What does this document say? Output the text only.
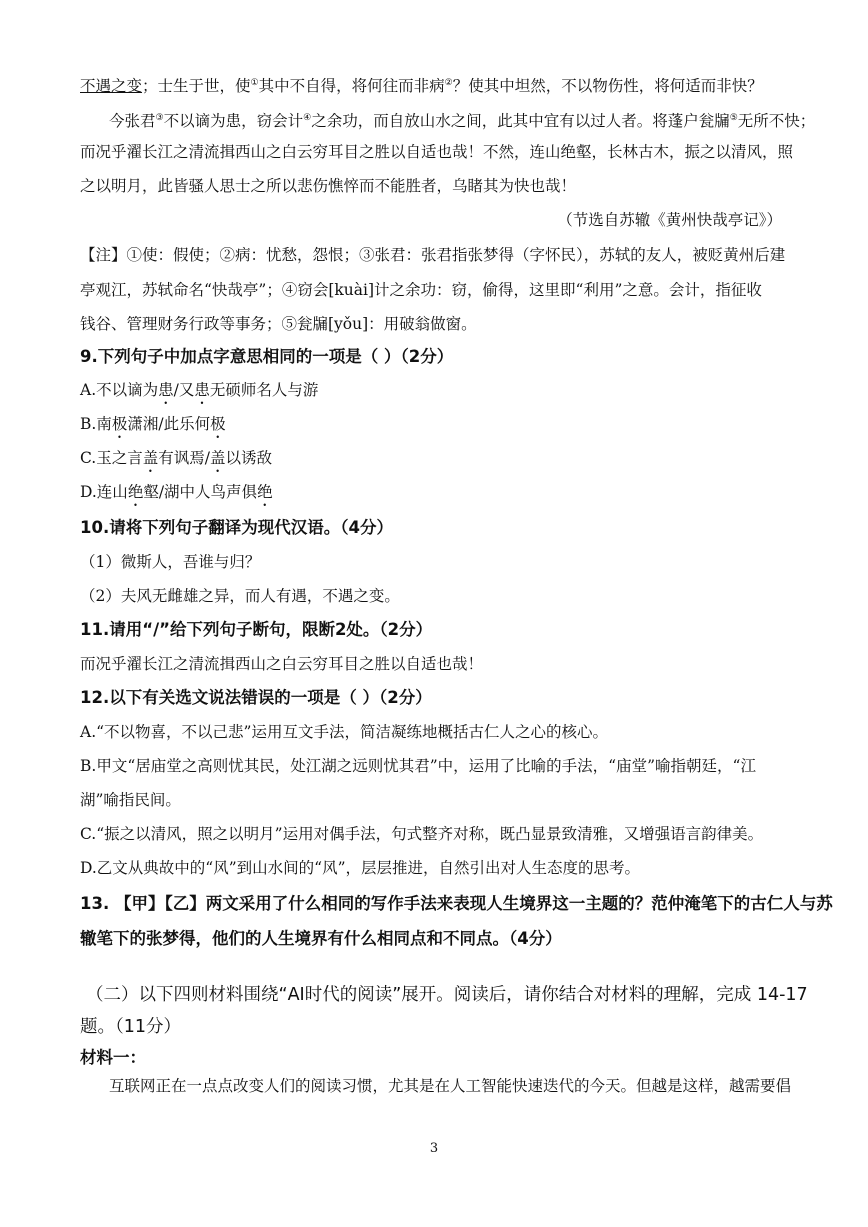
不遇之变；士生于世，使①其中不自得，将何往而非病②？使其中坦然，不以物伤性，将何适而非快？
今张君③不以谪为患，窃会计④之余功，而自放山水之间，此其中宜有以过人者。将蓬户瓮牖⑤无所不快；
而况乎濯长江之清流揖西山之白云穷耳目之胜以自适也哉！不然，连山绝壑，长林古木，振之以清风，照
之以明月，此皆骚人思士之所以悲伤憔悴而不能胜者，乌睹其为快也哉！
（节选自苏辙《黄州快哉亭记》）
【注】①使：假使；②病：忧愁，怨恨；③张君：张君指张梦得（字怀民），苏轼的友人，被贬黄州后建
亭观江，苏轼命名“快哉亭”；④窃会[kuài]计之余功：窃，偷得，这里即“利用”之意。会计，指征收
钱谷、管理财务行政等事务；⑤瓮牖[yǒu]：用破翁做窗。
9.下列句子中加点字意思相同的一项是（ ）（2分）
A.不以谪为患/又患无硕师名人与游
B.南极潇湘/此乐何极
C.玉之言盖有讽焉/盖以诱敌
D.连山绝壑/湖中人鸟声俱绝
10.请将下列句子翻译为现代汉语。（4分）
（1）微斯人，吾谁与归？
（2）夫风无雌雄之异，而人有遇，不遇之变。
11.请用“/”给下列句子断句，限断2处。（2分）
而况乎濯长江之清流揖西山之白云穷耳目之胜以自适也哉！
12.以下有关选文说法错误的一项是（ ）（2分）
A.“不以物喜，不以己悲”运用互文手法，简洁凝练地概括古仁人之心的核心。
B.甲文“居庙堂之高则忧其民，处江湖之远则忧其君”中，运用了比喻的手法，“庙堂”喻指朝廷，“江
湖”喻指民间。
C.“振之以清风，照之以明月”运用对偶手法，句式整齐对称，既凸显景致清雅，又增强语言韵律美。
D.乙文从典故中的“风”到山水间的“风”，层层推进，自然引出对人生态度的思考。
13. 【甲】【乙】两文采用了什么相同的写作手法来表现人生境界这一主题的？范仲淹笔下的古仁人与苏
辙笔下的张梦得，他们的人生境界有什么相同点和不同点。（4分）
（二）以下四则材料围绕“AI时代的阅读”展开。阅读后，请你结合对材料的理解，完成 14-17
题。（11分）
材料一：
互联网正在一点点改变人们的阅读习惯，尤其是在人工智能快速迭代的今天。但越是这样，越需要倡
3
